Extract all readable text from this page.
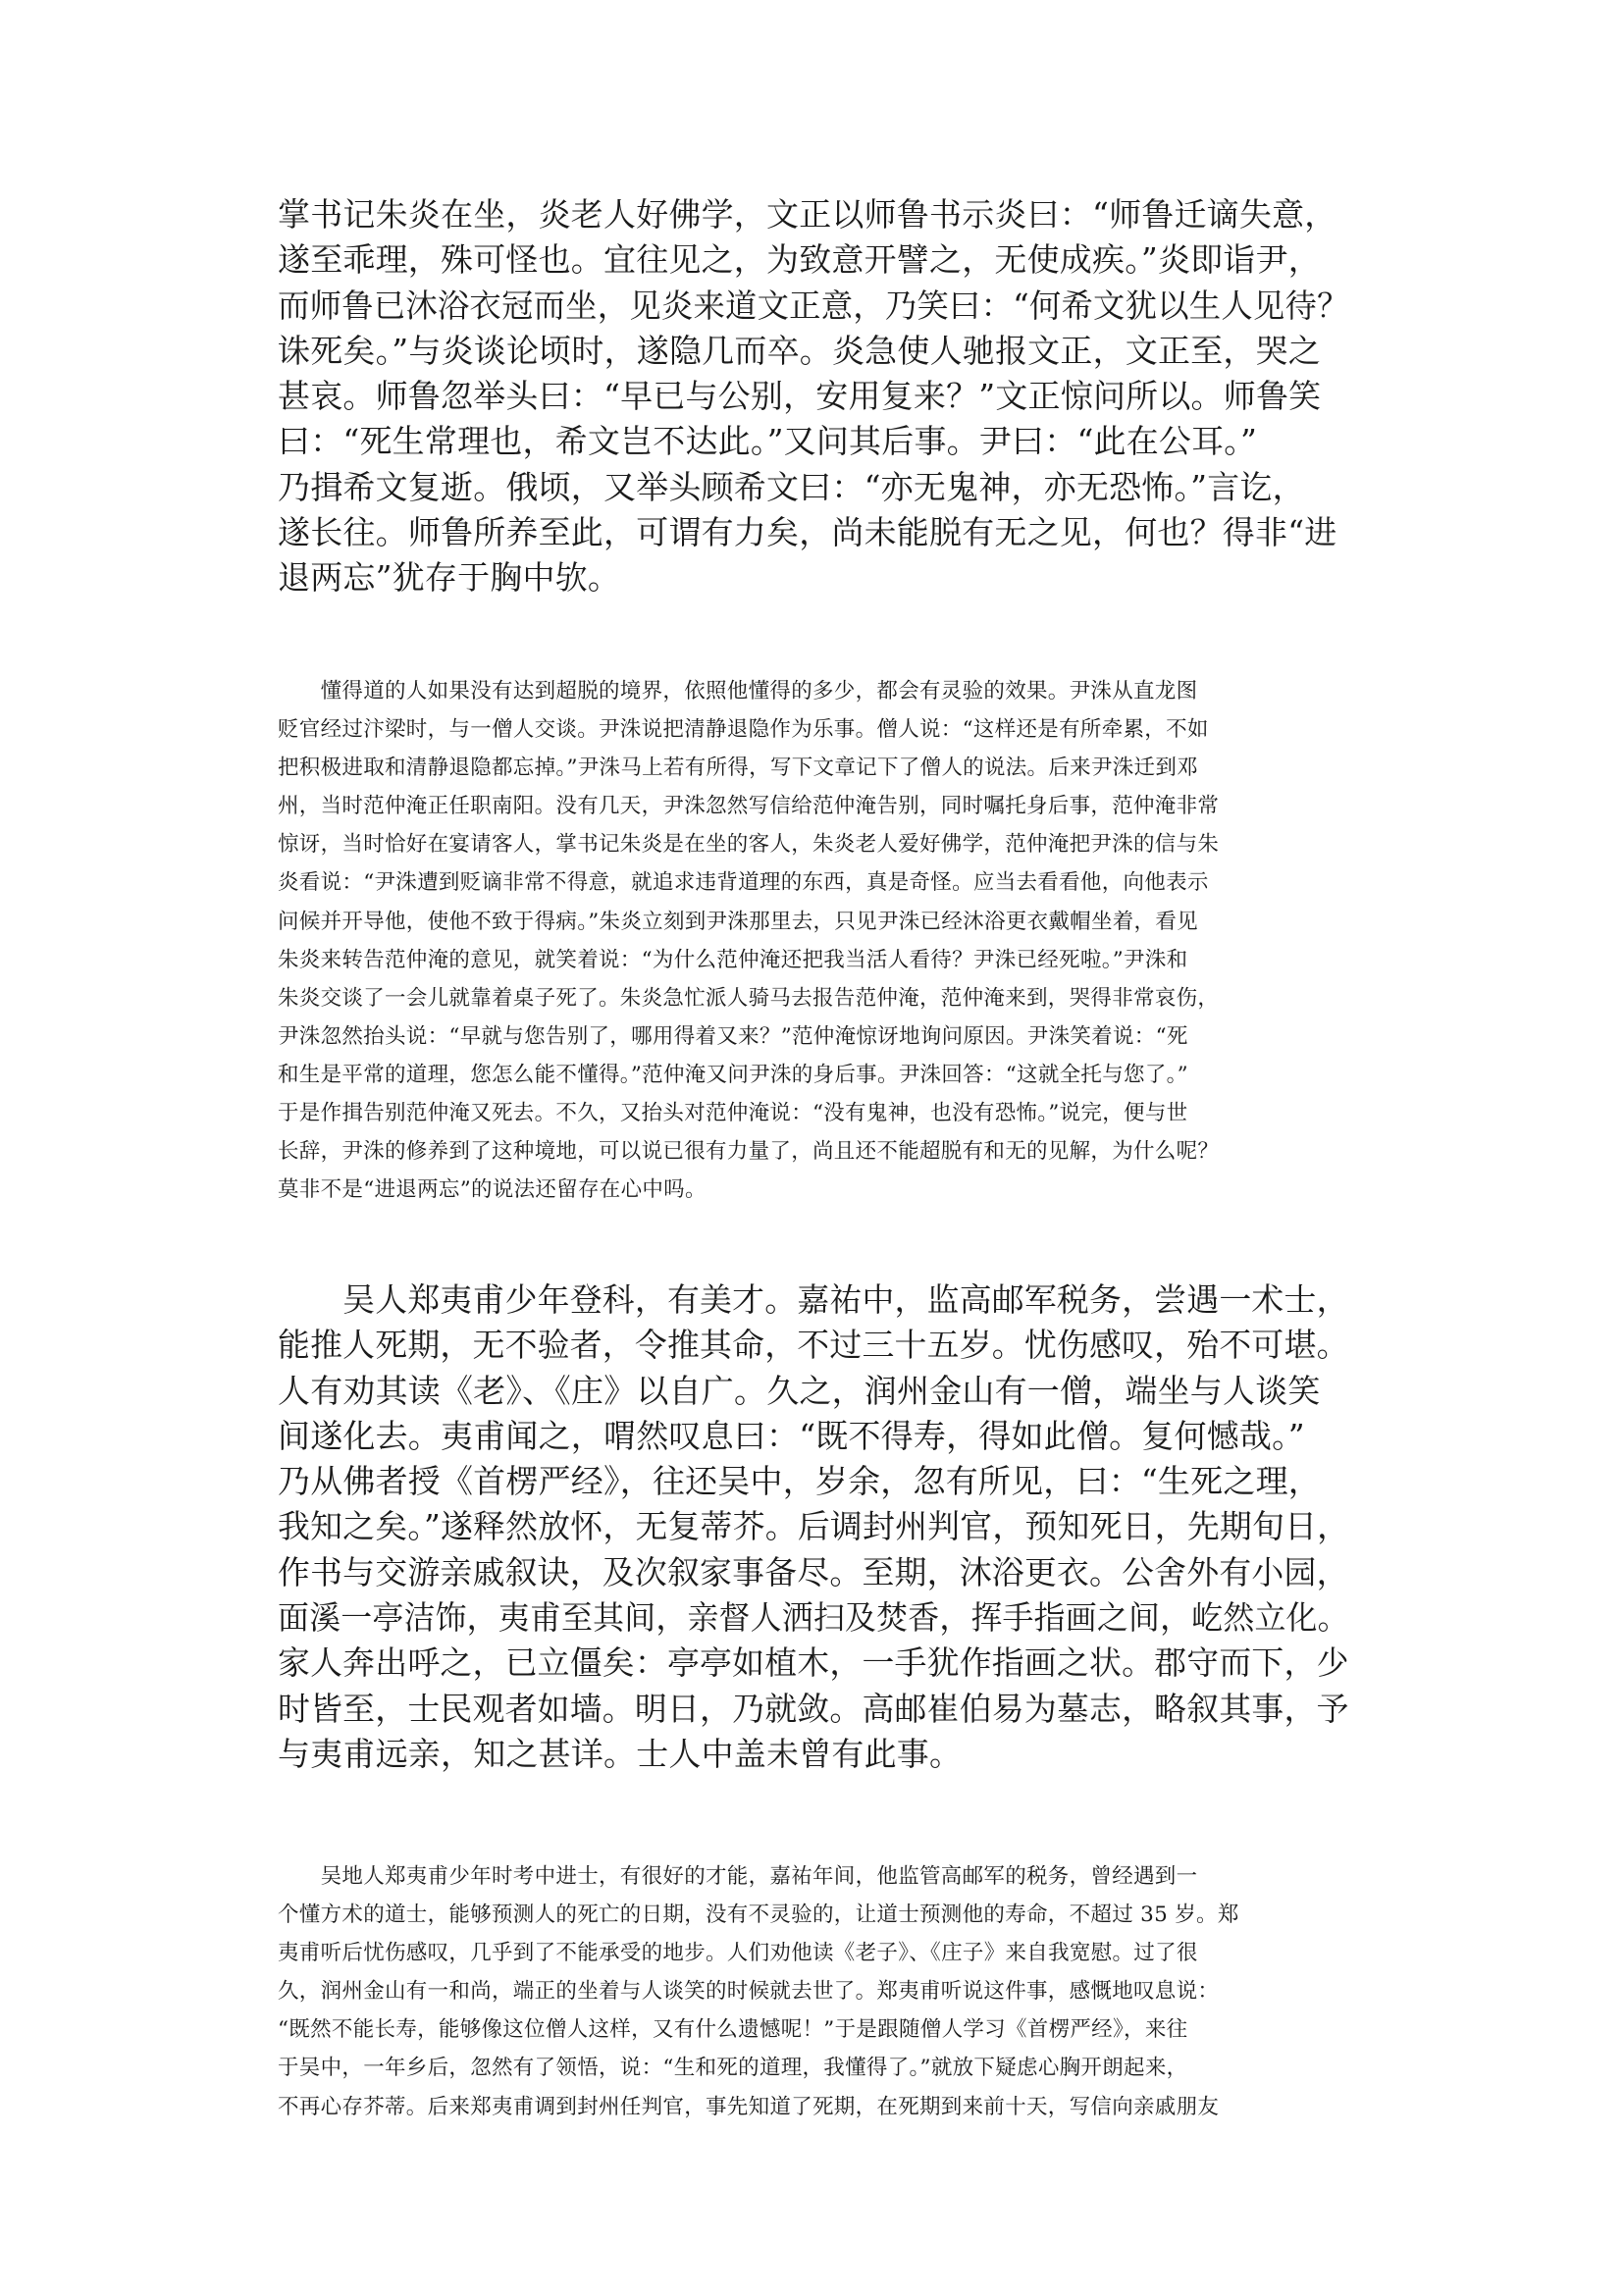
掌书记朱炎在坐，炎老人好佛学，文正以师鲁书示炎曰：“师鲁迁谪失意，
遂至乖理，殊可怪也。宜往见之，为致意开譬之，无使成疾。”炎即诣尹，
而师鲁已沐浴衣冠而坐，见炎来道文正意，乃笑曰：“何希文犹以生人见待？
诛死矣。”与炎谈论顷时，遂隐几而卒。炎急使人驰报文正，文正至，哭之
甚哀。师鲁忽举头曰：“早已与公别，安用复来？”文正惊问所以。师鲁笑
曰：“死生常理也，希文岂不达此。”又问其后事。尹曰：“此在公耳。”
乃揖希文复逝。俄顷，又举头顾希文曰：“亦无鬼神，亦无恐怖。”言讫，
遂长往。师鲁所养至此，可谓有力矣，尚未能脱有无之见，何也？得非“进
退两忘”犹存于胸中欤。
　　懂得道的人如果没有达到超脱的境界，依照他懂得的多少，都会有灵验的效果。尹洙从直龙图
贬官经过汴梁时，与一僧人交谈。尹洙说把清静退隐作为乐事。僧人说：“这样还是有所牵累，不如
把积极进取和清静退隐都忘掉。”尹洙马上若有所得，写下文章记下了僧人的说法。后来尹洙迁到邓
州，当时范仲淹正任职南阳。没有几天，尹洙忽然写信给范仲淹告别，同时嘱托身后事，范仲淹非常
惊讶，当时恰好在宴请客人，掌书记朱炎是在坐的客人，朱炎老人爱好佛学，范仲淹把尹洙的信与朱
炎看说：“尹洙遭到贬谪非常不得意，就追求违背道理的东西，真是奇怪。应当去看看他，向他表示
问候并开导他，使他不致于得病。”朱炎立刻到尹洙那里去，只见尹洙已经沐浴更衣戴帽坐着，看见
朱炎来转告范仲淹的意见，就笑着说：“为什么范仲淹还把我当活人看待？尹洙已经死啦。”尹洙和
朱炎交谈了一会儿就靠着桌子死了。朱炎急忙派人骑马去报告范仲淹，范仲淹来到，哭得非常哀伤，
尹洙忽然抬头说：“早就与您告别了，哪用得着又来？”范仲淹惊讶地询问原因。尹洙笑着说：“死
和生是平常的道理，您怎么能不懂得。”范仲淹又问尹洙的身后事。尹洙回答：“这就全托与您了。”
于是作揖告别范仲淹又死去。不久，又抬头对范仲淹说：“没有鬼神，也没有恐怖。”说完，便与世
长辞，尹洙的修养到了这种境地，可以说已很有力量了，尚且还不能超脱有和无的见解，为什么呢？
莫非不是“进退两忘”的说法还留存在心中吗。
　　吴人郑夷甫少年登科，有美才。嘉祐中，监高邮军税务，尝遇一术士，
能推人死期，无不验者，令推其命，不过三十五岁。忧伤感叹，殆不可堪。
人有劝其读《老》、《庄》以自广。久之，润州金山有一僧，端坐与人谈笑
间遂化去。夷甫闻之，喟然叹息曰：“既不得寿，得如此僧。复何憾哉。”
乃从佛者授《首楞严经》，往还吴中，岁余，忽有所见，曰：“生死之理，
我知之矣。”遂释然放怀，无复蒂芥。后调封州判官，预知死日，先期旬日，
作书与交游亲戚叙诀，及次叙家事备尽。至期，沐浴更衣。公舍外有小园，
面溪一亭洁饰，夷甫至其间，亲督人洒扫及焚香，挥手指画之间，屹然立化。
家人奔出呼之，已立僵矣：亭亭如植木，一手犹作指画之状。郡守而下，少
时皆至，士民观者如墙。明日，乃就敛。高邮崔伯易为墓志，略叙其事，予
与夷甫远亲，知之甚详。士人中盖未曾有此事。
　　吴地人郑夷甫少年时考中进士，有很好的才能，嘉祐年间，他监管高邮军的税务，曾经遇到一
个懂方术的道士，能够预测人的死亡的日期，没有不灵验的，让道士预测他的寿命，不超过 35 岁。郑
夷甫听后忧伤感叹，几乎到了不能承受的地步。人们劝他读《老子》、《庄子》来自我宽慰。过了很
久，润州金山有一和尚，端正的坐着与人谈笑的时候就去世了。郑夷甫听说这件事，感慨地叹息说：
“既然不能长寿，能够像这位僧人这样，又有什么遗憾呢！”于是跟随僧人学习《首楞严经》，来往
于吴中，一年乡后，忽然有了领悟，说：“生和死的道理，我懂得了。”就放下疑虑心胸开朗起来，
不再心存芥蒂。后来郑夷甫调到封州任判官，事先知道了死期，在死期到来前十天，写信向亲戚朋友
